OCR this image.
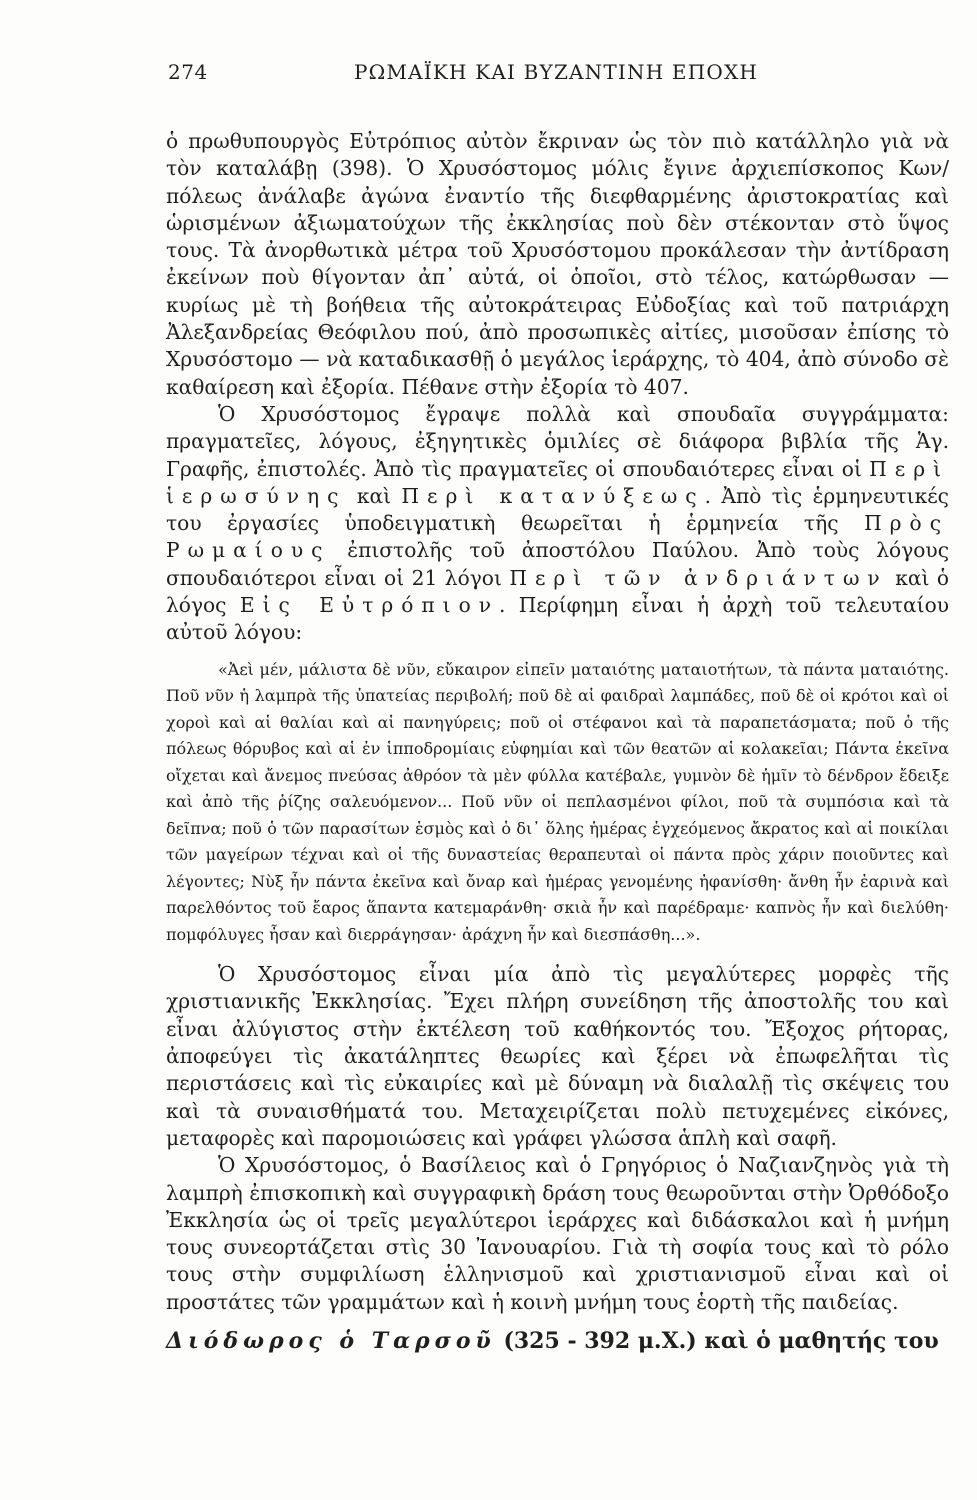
274	ΡΩΜΑΪΚΗ ΚΑΙ ΒΥΖΑΝΤΙΝΗ ΕΠΟΧΗ

ὁ πρωθυπουργὸς Εὐτρόπιος αὐτὸν ἔκριναν ὡς τὸν πιὸ κατάλληλο γιὰ νὰ τὸν καταλάβῃ (398). Ὁ Χρυσόστομος μόλις ἔγινε ἀρχιεπίσκοπος Κων/πόλεως ἀνάλαβε ἀγώνα ἐναντίο τῆς διεφθαρμένης ἀριστοκρατίας καὶ ὡρισμένων ἀξιωματούχων τῆς ἐκκλησίας ποὺ δὲν στέκονταν στὸ ὕψος τους. Τὰ ἀνορθωτικὰ μέτρα τοῦ Χρυσόστομου προκάλεσαν τὴν ἀντίδραση ἐκείνων ποὺ θίγονταν ἀπ᾽ αὐτά, οἱ ὁποῖοι, στὸ τέλος, κατώρθωσαν — κυρίως μὲ τὴ βοήθεια τῆς αὐτοκράτειρας Εὐδοξίας καὶ τοῦ πατριάρχη Ἀλεξανδρείας Θεόφιλου πού, ἀπὸ προσωπικὲς αἰτίες, μισοῦσαν ἐπίσης τὸ Χρυσόστομο — νὰ καταδικασθῇ ὁ μεγάλος ἱεράρχης, τὸ 404, ἀπὸ σύνοδο σὲ καθαίρεση καὶ ἐξορία. Πέθανε στὴν ἐξορία τὸ 407.

Ὁ Χρυσόστομος ἔγραψε πολλὰ καὶ σπουδαῖα συγγράμματα: πραγματεῖες, λόγους, ἐξηγητικὲς ὁμιλίες σὲ διάφορα βιβλία τῆς Ἁγ. Γραφῆς, ἐπιστολές. Ἀπὸ τὶς πραγματεῖες οἱ σπουδαιότερες εἶναι οἱ Περὶ ἱερωσύνης καὶ Περὶ κατανύξεως. Ἀπὸ τὶς ἑρμηνευτικές του ἐργασίες ὑποδειγματικὴ θεωρεῖται ἡ ἑρμηνεία τῆς Πρὸς Ρωμαίους ἐπιστολῆς τοῦ ἀποστόλου Παύλου. Ἀπὸ τοὺς λόγους σπουδαιότεροι εἶναι οἱ 21 λόγοι Περὶ τῶν ἀνδριάντων καὶ ὁ λόγος Εἰς Εὐτρόπιον. Περίφημη εἶναι ἡ ἀρχὴ τοῦ τελευταίου αὐτοῦ λόγου:

«Ἀεὶ μέν, μάλιστα δὲ νῦν, εὔκαιρον εἰπεῖν ματαιότης ματαιοτήτων, τὰ πάντα ματαιότης. Ποῦ νῦν ἡ λαμπρὰ τῆς ὑπατείας περιβολή; ποῦ δὲ αἱ φαιδραὶ λαμπάδες, ποῦ δὲ οἱ κρότοι καὶ οἱ χοροὶ καὶ αἱ θαλίαι καὶ αἱ πανηγύρεις; ποῦ οἱ στέφανοι καὶ τὰ παραπετάσματα; ποῦ ὁ τῆς πόλεως θόρυβος καὶ αἱ ἐν ἱπποδρομίαις εὐφημίαι καὶ τῶν θεατῶν αἱ κολακεῖαι; Πάντα ἐκεῖνα οἴχεται καὶ ἄνεμος πνεύσας ἀθρόον τὰ μὲν φύλλα κατέβαλε, γυμνὸν δὲ ἡμῖν τὸ δένδρον ἔδειξε καὶ ἀπὸ τῆς ῥίζης σαλευόμενον... Ποῦ νῦν οἱ πεπλασμένοι φίλοι, ποῦ τὰ συμπόσια καὶ τὰ δεῖπνα; ποῦ ὁ τῶν παρασίτων ἑσμὸς καὶ ὁ δι᾽ ὅλης ἡμέρας ἐγχεόμενος ἄκρατος καὶ αἱ ποικίλαι τῶν μαγείρων τέχναι καὶ οἱ τῆς δυναστείας θεραπευταὶ οἱ πάντα πρὸς χάριν ποιοῦντες καὶ λέγοντες; Νὺξ ἦν πάντα ἐκεῖνα καὶ ὄναρ καὶ ἡμέρας γενομένης ἠφανίσθη· ἄνθη ἦν ἐαρινὰ καὶ παρελθόντος τοῦ ἔαρος ἅπαντα κατεμαράνθη· σκιὰ ἦν καὶ παρέδραμε· καπνὸς ἦν καὶ διελύθη· πομφόλυγες ἦσαν καὶ διερράγησαν· ἀράχνη ἦν καὶ διεσπάσθη...».

Ὁ Χρυσόστομος εἶναι μία ἀπὸ τὶς μεγαλύτερες μορφὲς τῆς χριστιανικῆς Ἐκκλησίας. Ἔχει πλήρη συνείδηση τῆς ἀποστολῆς του καὶ εἶναι ἀλύγιστος στὴν ἐκτέλεση τοῦ καθήκοντός του. Ἔξοχος ρήτορας, ἀποφεύγει τὶς ἀκατάληπτες θεωρίες καὶ ξέρει νὰ ἐπωφελῆται τὶς περιστάσεις καὶ τὶς εὐκαιρίες καὶ μὲ δύναμη νὰ διαλαλῇ τὶς σκέψεις του καὶ τὰ συναισθήματά του. Μεταχειρίζεται πολὺ πετυχεμένες εἰκόνες, μεταφορὲς καὶ παρομοιώσεις καὶ γράφει γλώσσα ἁπλὴ καὶ σαφῆ.

Ὁ Χρυσόστομος, ὁ Βασίλειος καὶ ὁ Γρηγόριος ὁ Ναζιανζηνὸς γιὰ τὴ λαμπρὴ ἐπισκοπικὴ καὶ συγγραφικὴ δράση τους θεωροῦνται στὴν Ὀρθόδοξο Ἐκκλησία ὡς οἱ τρεῖς μεγαλύτεροι ἱεράρχες καὶ διδάσκαλοι καὶ ἡ μνήμη τους συνεορτάζεται στὶς 30 Ἰανουαρίου. Γιὰ τὴ σοφία τους καὶ τὸ ρόλο τους στὴν συμφιλίωση ἑλληνισμοῦ καὶ χριστιανισμοῦ εἶναι καὶ οἱ προστάτες τῶν γραμμάτων καὶ ἡ κοινὴ μνήμη τους ἑορτὴ τῆς παιδείας.

Διόδωρος ὁ Ταρσοῦ (325 - 392 μ.Χ.) καὶ ὁ μαθητής του
